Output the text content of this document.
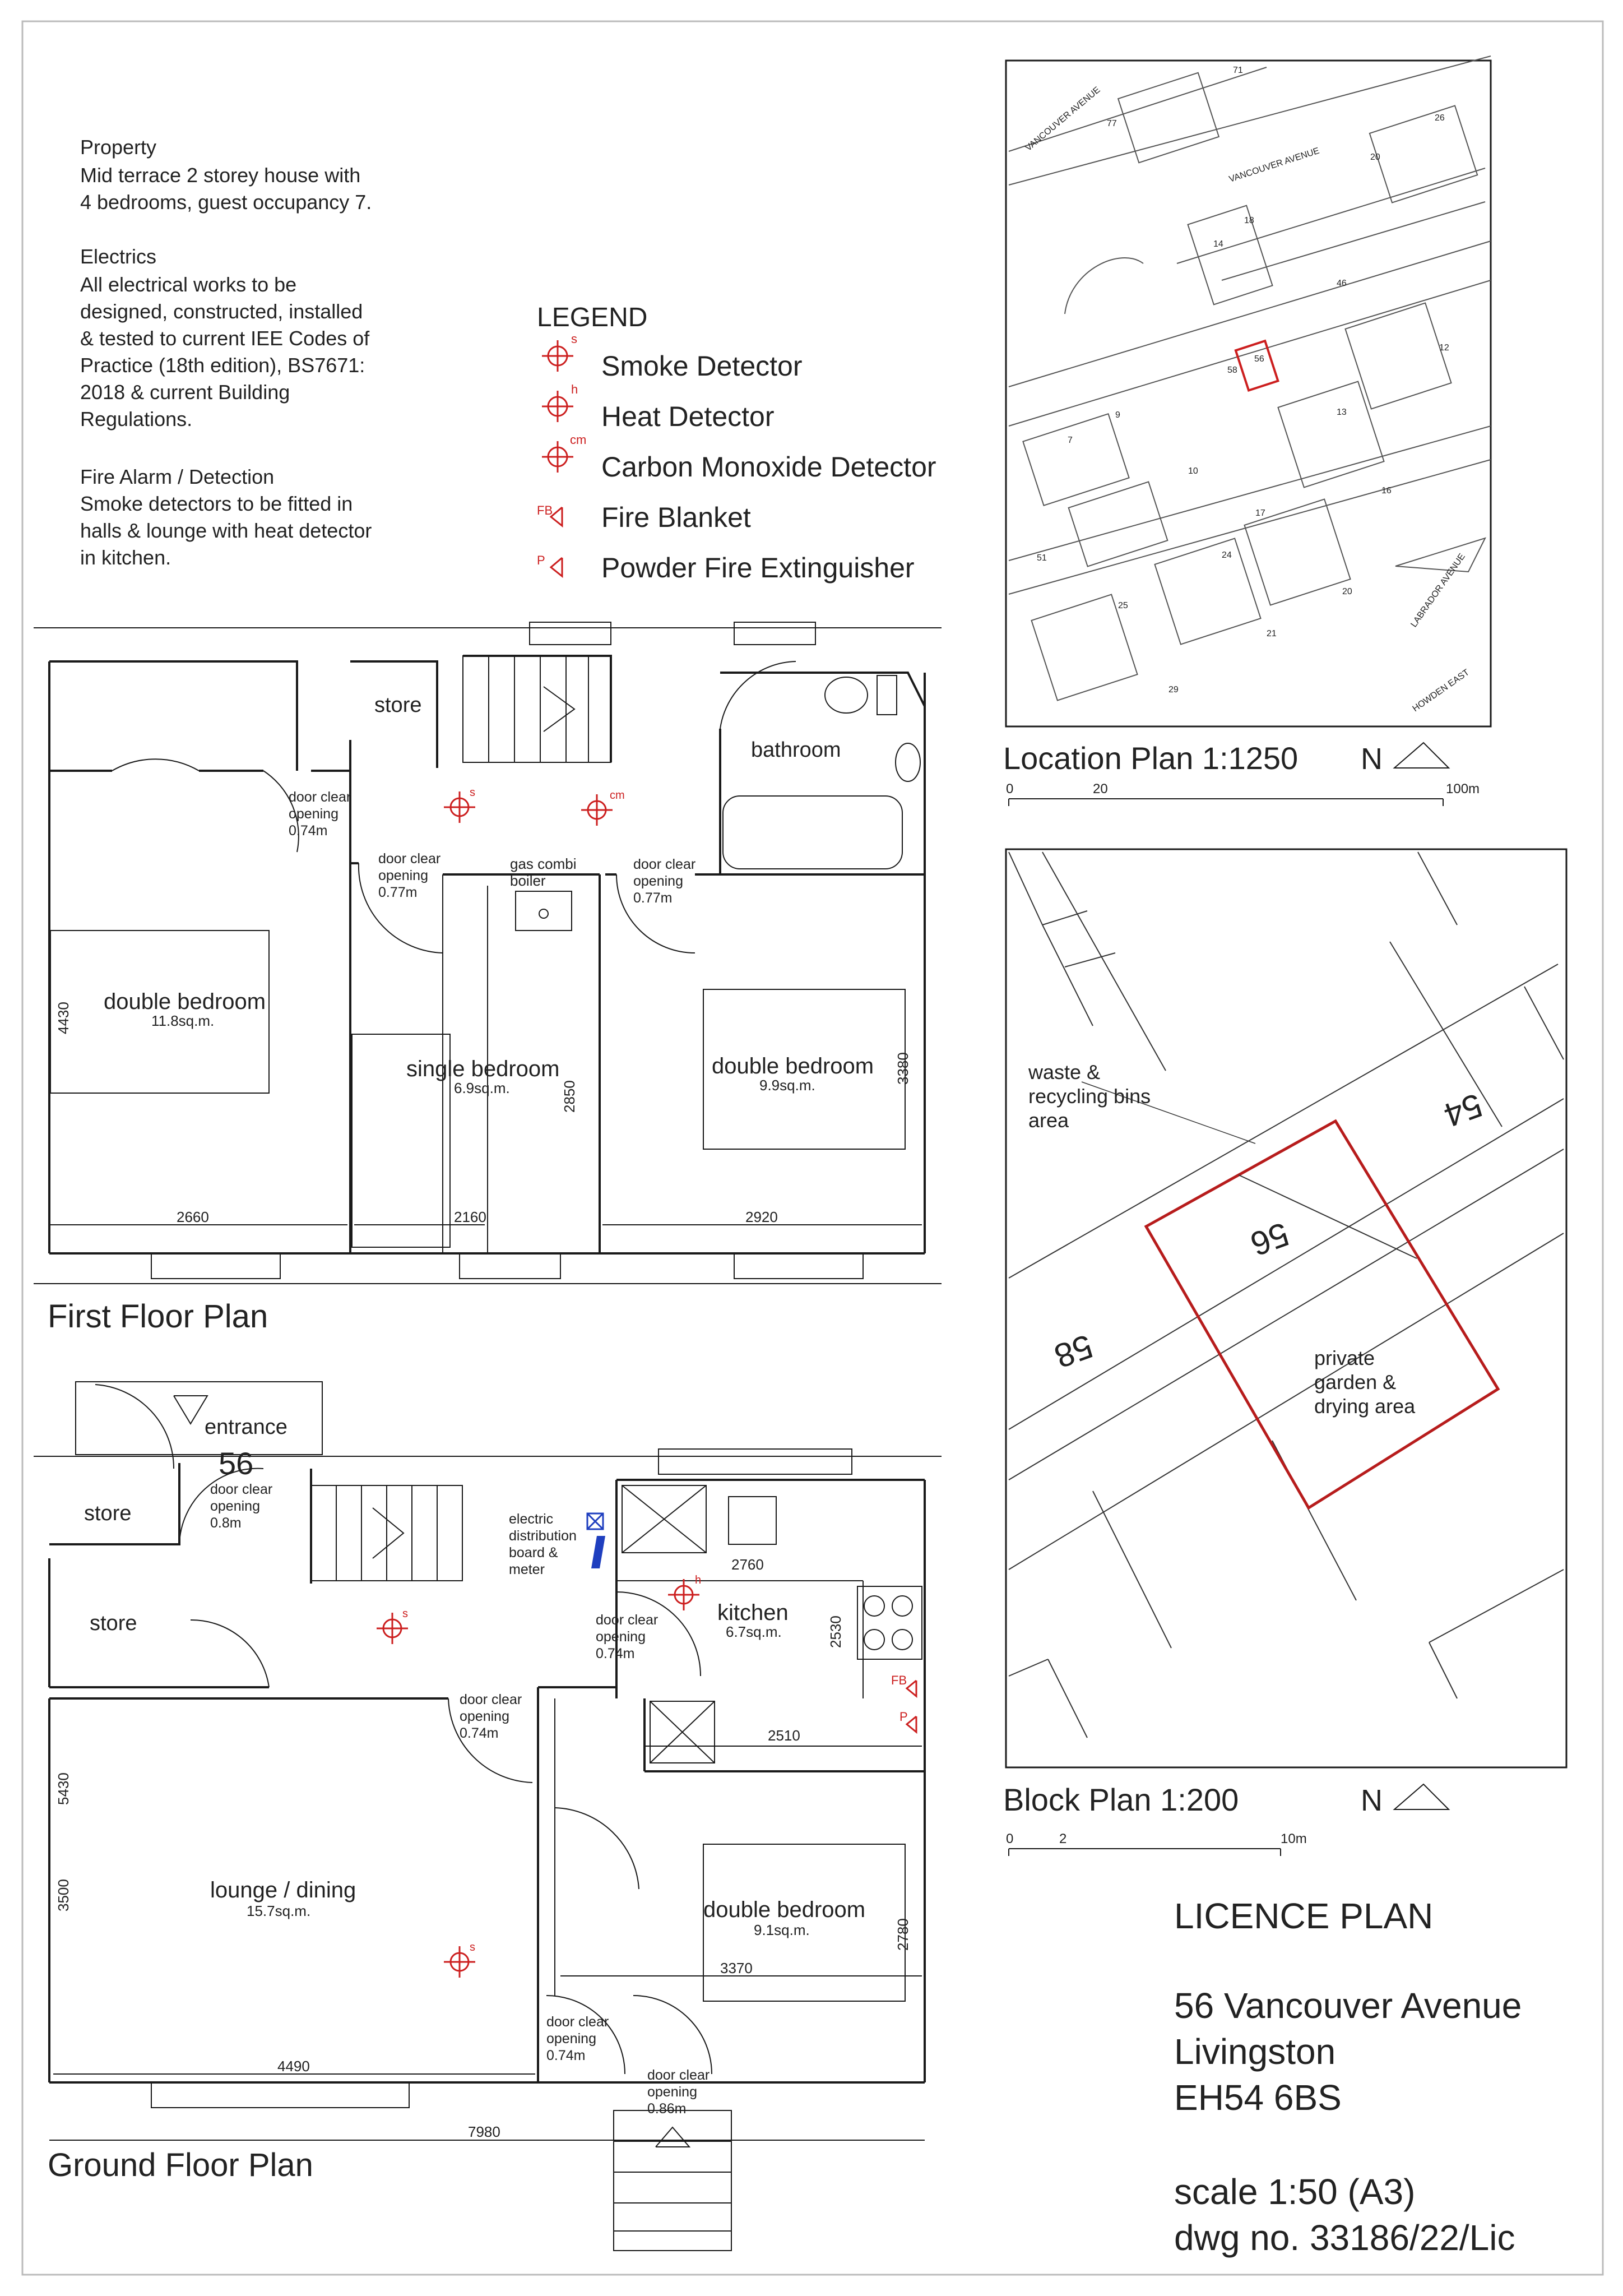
Property
Mid terrace 2 storey house with
4 bedrooms, guest occupancy 7.
Electrics
All electrical works to be
designed, constructed, installed
& tested to current IEE Codes of
Practice (18th edition), BS7671:
2018 & current Building
Regulations.
Fire Alarm / Detection
Smoke detectors to be fitted in
halls & lounge with heat detector
in kitchen.
LEGEND
s
Smoke Detector
h
Heat Detector
cm
Carbon Monoxide Detector
FB Fire Blanket
P Powder Fire Extinguisher
store
gas combi
boiler
bathroom
double bedroom
11.8sq.m.
single bedroom
6.9sq.m.
double bedroom
9.9sq.m.
2660	2160	2920
4430
2850
3380
door clear
opening
0.74m
door clear
opening
0.77m
door clear
opening
0.77m
s	cm
First Floor Plan
entrance
56
store
store
electric
distribution
board &
meter
kitchen
6.7sq.m.
2760
2530
2510
lounge / dining
15.7sq.m.	double bedroom
9.1sq.m.
3370
2780
4490
3500
5430
7980
door clear
opening
0.8m
door clear
opening
0.74m
door clear
opening
0.74m
door clear
opening
0.74m
door clear
opening
0.86m
s
h
s
FB
P
Ground Floor Plan
VANCOUVER AVENUE
VANCOUVER AVENUE
LABRADOR AVENUE
HOWDEN EAST
71
77
26
20
18
14
56
58
46
12
10
7
9	13
16
51
17
24
20
25
21
29
Location Plan 1:1250 N
0	20	100m
waste &
recycling bins
area
private
garden &
drying area
54
56
58
Block Plan 1:200	N
0	2	10m
LICENCE PLAN
56 Vancouver Avenue
Livingston
EH54 6BS
scale 1:50 (A3)
dwg no. 33186/22/Lic
